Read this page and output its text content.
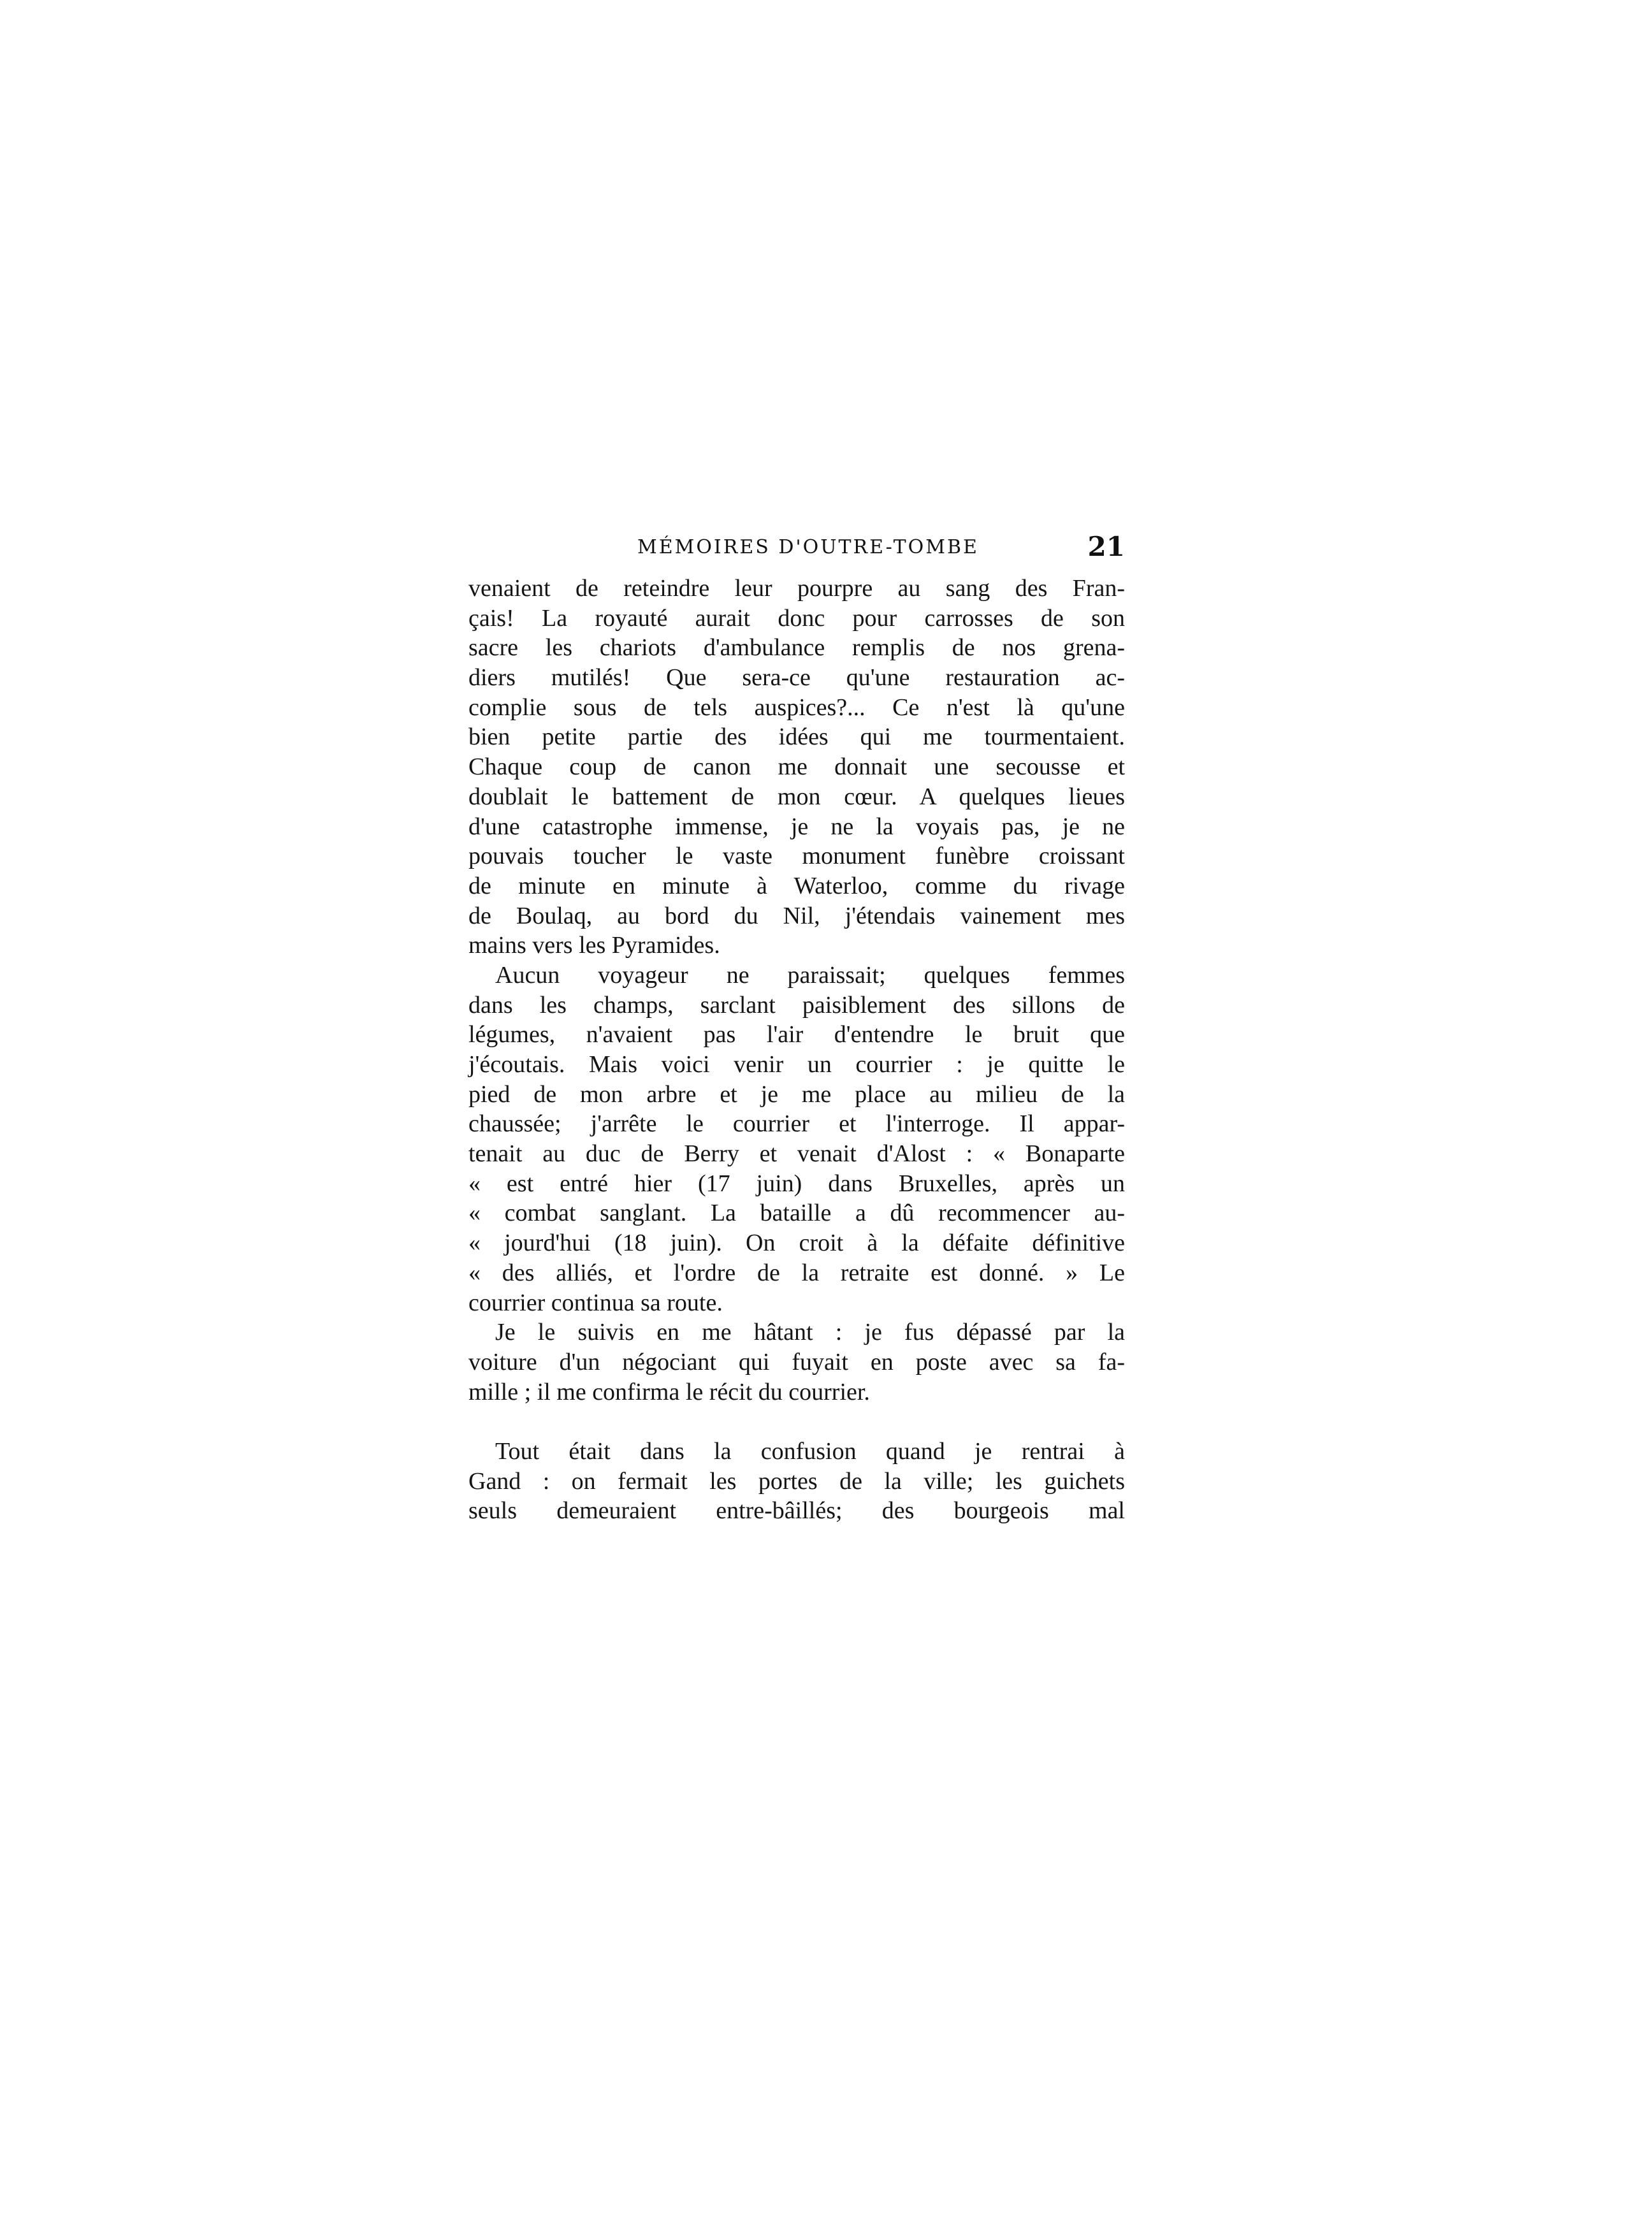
MÉMOIRES D'OUTRE-TOMBE	21
venaient de reteindre leur pourpre au sang des Fran-
çais! La royauté aurait donc pour carrosses de son
sacre les chariots d'ambulance remplis de nos grena-
diers mutilés! Que sera-ce qu'une restauration ac-
complie sous de tels auspices?... Ce n'est là qu'une
bien petite partie des idées qui me tourmentaient.
Chaque coup de canon me donnait une secousse et
doublait le battement de mon cœur. A quelques lieues
d'une catastrophe immense, je ne la voyais pas, je ne
pouvais toucher le vaste monument funèbre croissant
de minute en minute à Waterloo, comme du rivage
de Boulaq, au bord du Nil, j'étendais vainement mes
mains vers les Pyramides.
Aucun voyageur ne paraissait; quelques femmes
dans les champs, sarclant paisiblement des sillons de
légumes, n'avaient pas l'air d'entendre le bruit que
j'écoutais. Mais voici venir un courrier : je quitte le
pied de mon arbre et je me place au milieu de la
chaussée; j'arrête le courrier et l'interroge. Il appar-
tenait au duc de Berry et venait d'Alost : « Bonaparte
« est entré hier (17 juin) dans Bruxelles, après un
« combat sanglant. La bataille a dû recommencer au-
« jourd'hui (18 juin). On croit à la défaite définitive
« des alliés, et l'ordre de la retraite est donné. » Le
courrier continua sa route.
Je le suivis en me hâtant : je fus dépassé par la
voiture d'un négociant qui fuyait en poste avec sa fa-
mille ; il me confirma le récit du courrier.
Tout était dans la confusion quand je rentrai à
Gand : on fermait les portes de la ville; les guichets
seuls demeuraient entre-bâillés; des bourgeois mal
